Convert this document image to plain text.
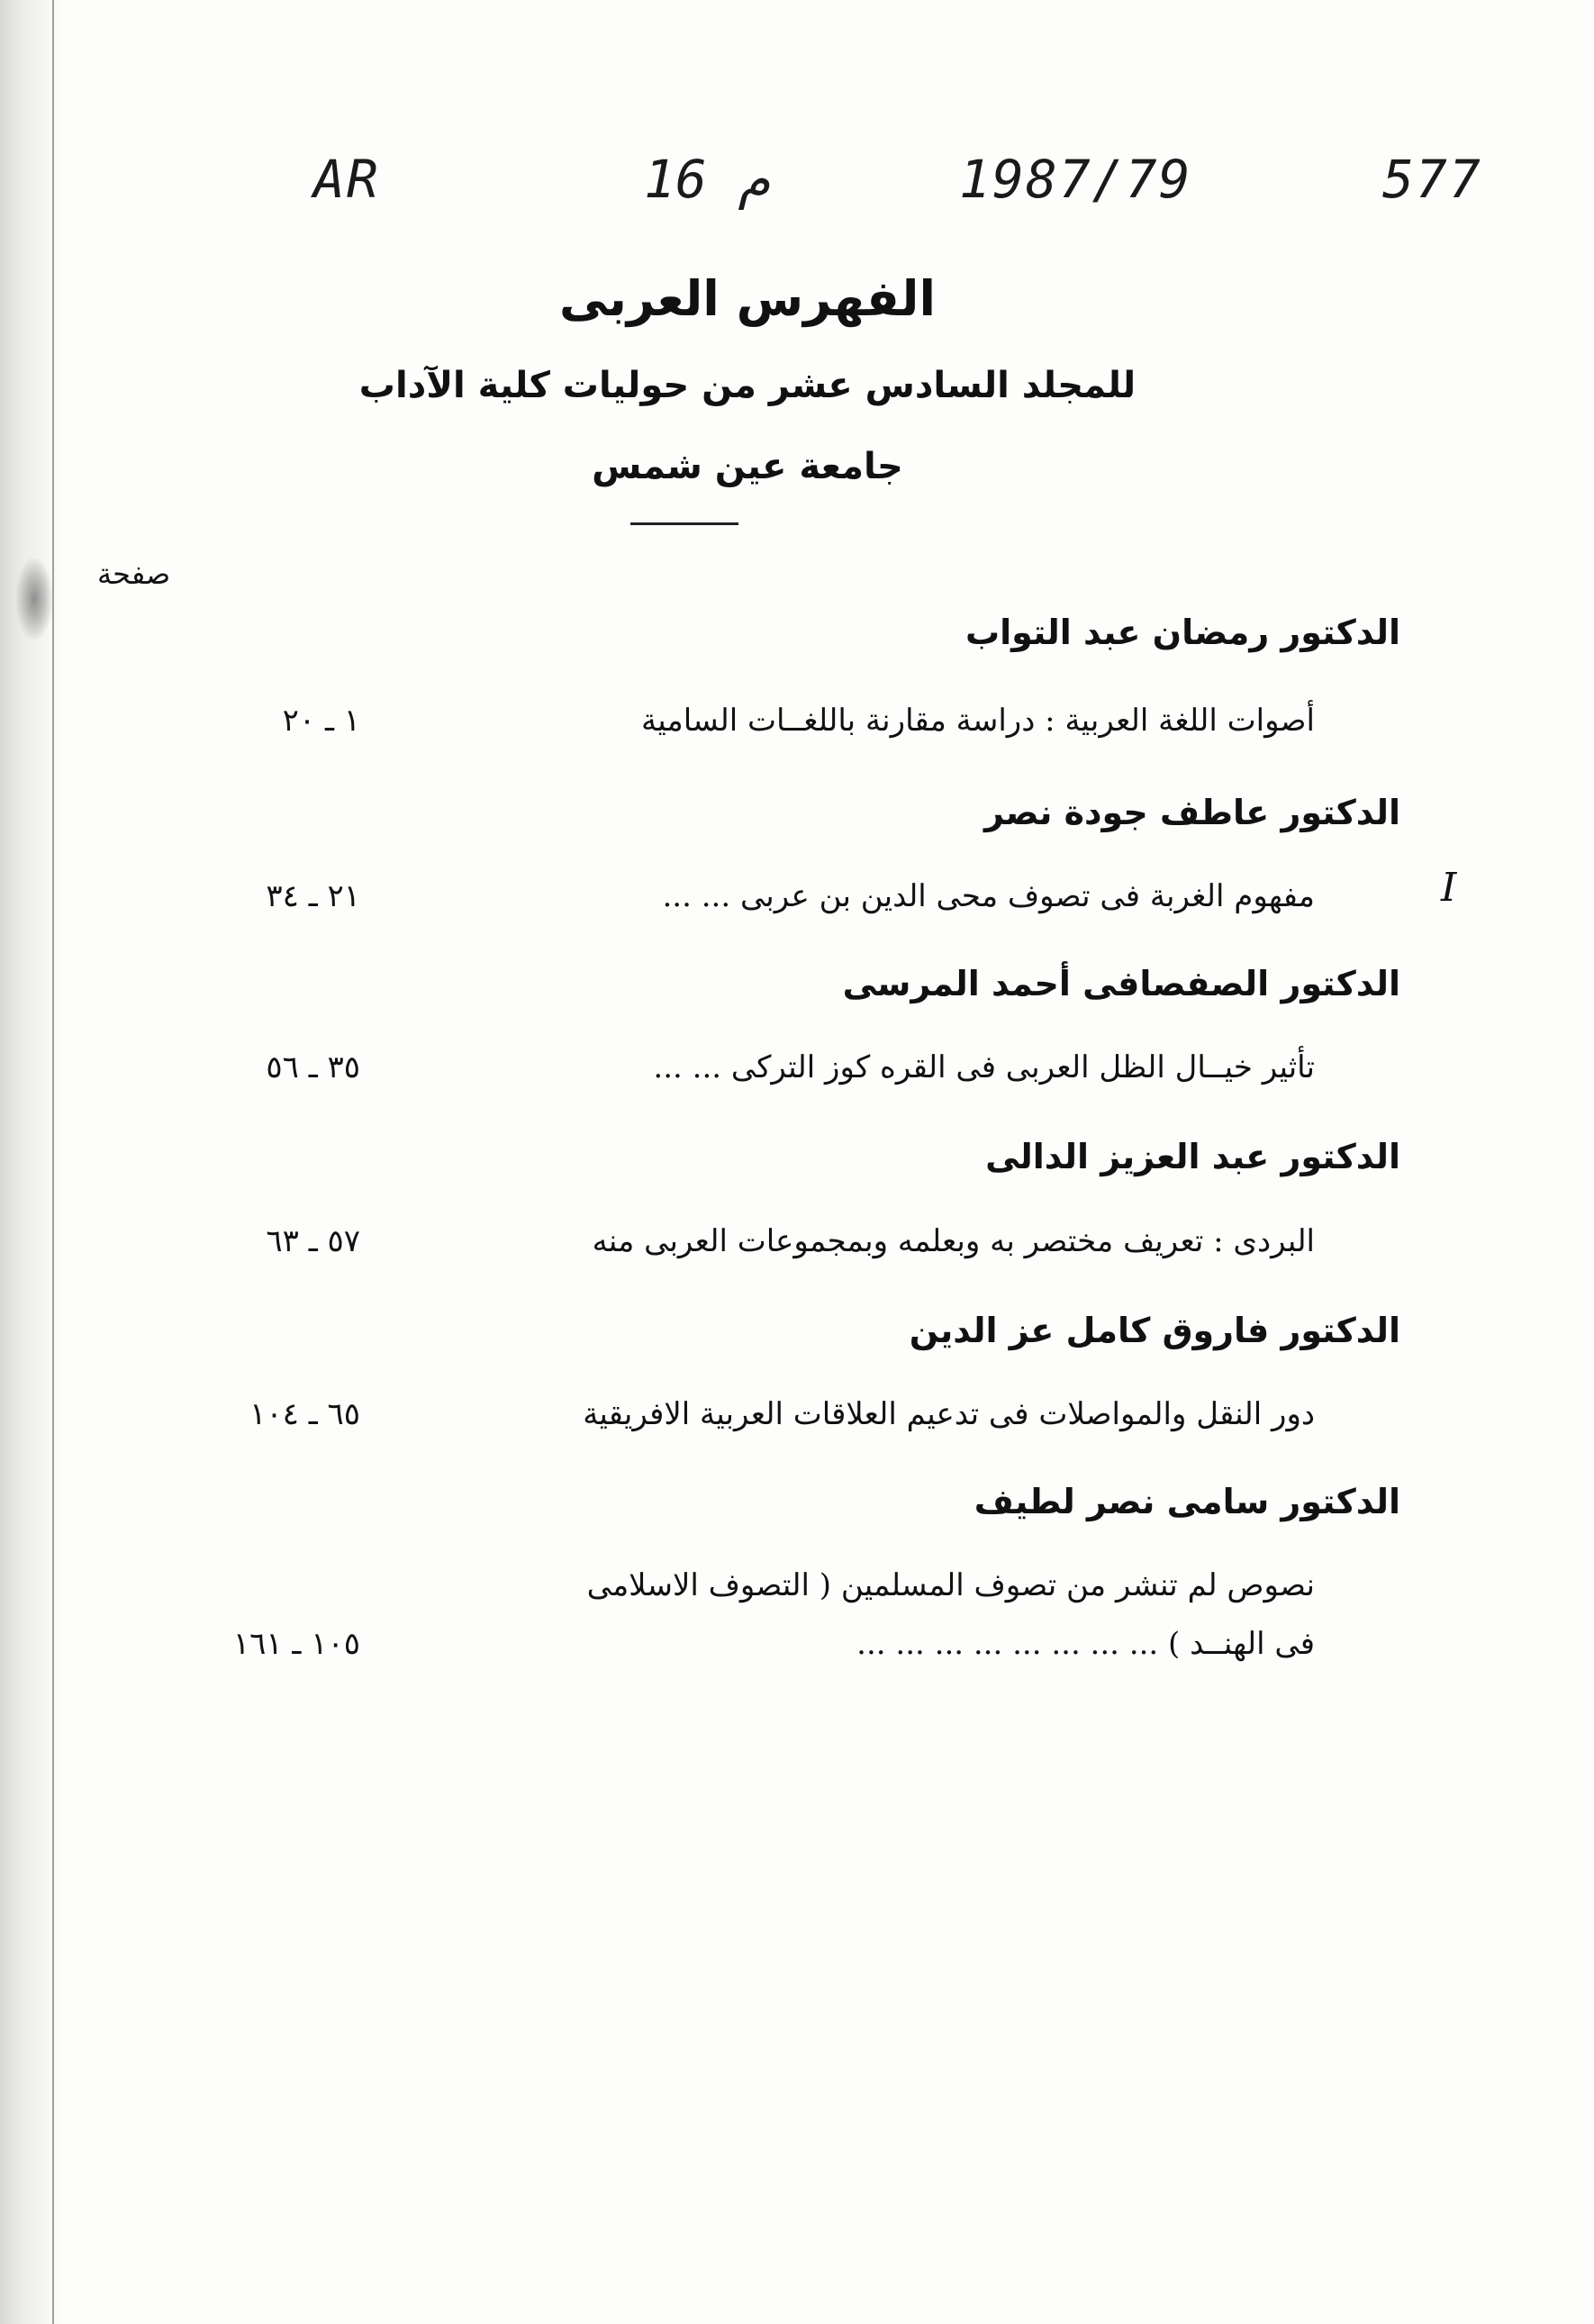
AR	16 م	1987/79	577
الفهرس العربى
للمجلد السادس عشر من حوليات كلية الآداب
جامعة عين شمس
صفحة
I
الدكتور رمضان عبد التواب
أصوات اللغة العربية : دراسة مقارنة باللغــات السامية
١ ـ ٢٠
الدكتور عاطف جودة نصر
مفهوم الغربة فى تصوف محى الدين بن عربى ... ...
٢١ ـ ٣٤
الدكتور الصفصافى أحمد المرسى
تأثير خيــال الظل العربى فى القره كوز التركى ... ...
٣٥ ـ ٥٦
الدكتور عبد العزيز الدالى
البردى : تعريف مختصر به وبعلمه وبمجموعات العربى منه
٥٧ ـ ٦٣
الدكتور فاروق كامل عز الدين
دور النقل والمواصلات فى تدعيم العلاقات العربية الافريقية
٦٥ ـ ١٠٤
الدكتور سامى نصر لطيف
نصوص لم تنشر من تصوف المسلمين ( التصوف الاسلامى
فى الهنــد ) ... ... ... ... ... ... ... ...
١٠٥ ـ ١٦١
